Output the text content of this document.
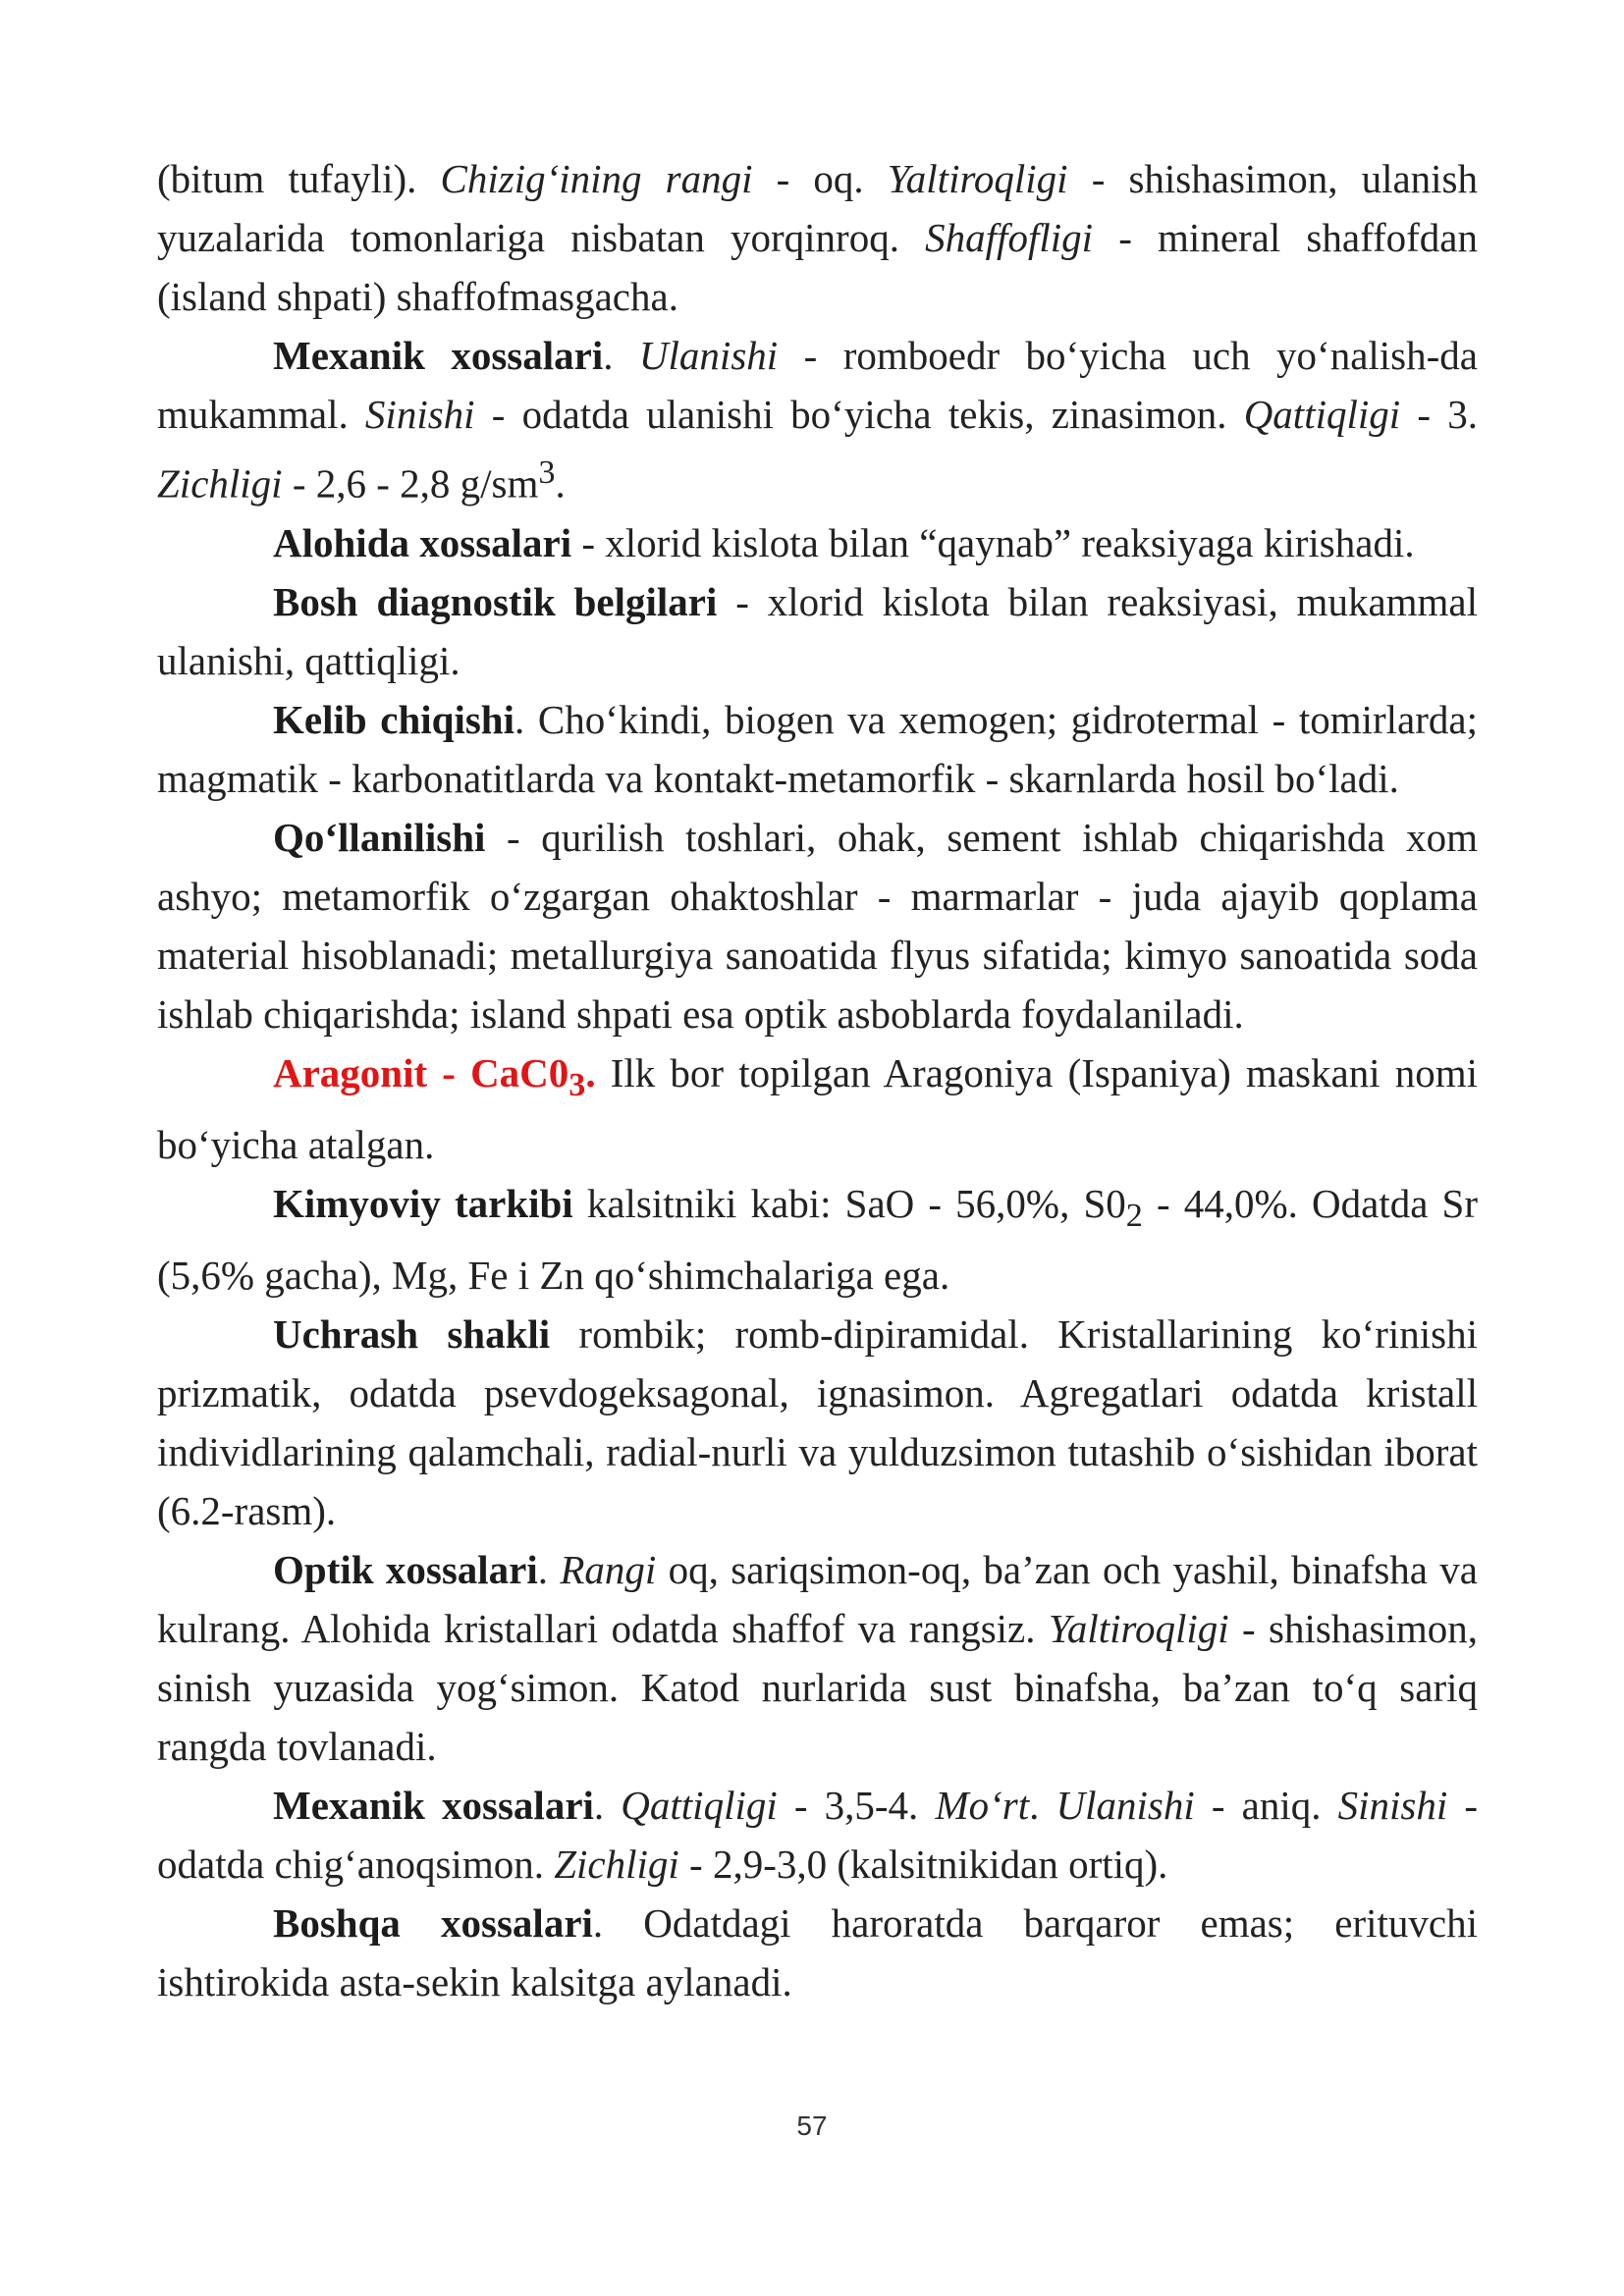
(bitum tufayli). Chizig‘ining rangi - oq. Yaltiroqligi - shishasimon, ulanish yuzalarida tomonlariga nisbatan yorqinroq. Shaffofligi - mineral shaffofdan (island shpati) shaffofmasgacha.

Mexanik xossalari. Ulanishi - romboedr bo‘yicha uch yo‘nalish-da mukammal. Sinishi - odatda ulanishi bo‘yicha tekis, zinasimon. Qattiqligi - 3. Zichligi - 2,6 - 2,8 $g/sm^3$.

Alohida xossalari - xlorid kislota bilan “qaynab” reaksiyaga kirishadi.

Bosh diagnostik belgilari - xlorid kislota bilan reaksiyasi, mukammal ulanishi, qattiqligi.

Kelib chiqishi. Cho‘kindi, biogen va xemogen; gidrotermal - tomirlarda; magmatik - karbonatitlarda va kontakt-metamorfik - skarnlarda hosil bo‘ladi.

Qo‘llanilishi - qurilish toshlari, ohak, sement ishlab chiqarishda xom ashyo; metamorfik o‘zgargan ohaktoshlar - marmarlar - juda ajayib qoplama material hisoblanadi; metallurgiya sanoatida flyus sifatida; kimyo sanoatida soda ishlab chiqarishda; island shpati esa optik asboblarda foydalaniladi.

Aragonit - $CaC0_3$. Ilk bor topilgan Aragoniya (Ispaniya) maskani nomi bo‘yicha atalgan.

Kimyoviy tarkibi kalsitniki kabi: SaO - 56,0%, $S0_2 - 44,0\%$. Odatda Sr (5,6% gacha), Mg, Fe i Zn qo‘shimchalariga ega.

Uchrash shakli rombik; romb-dipiramidal. Kristallarining ko‘rinishi prizmatik, odatda psevdogeksagonal, ignasimon. Agregatlari odatda kristall individlarining qalamchali, radial-nurli va yulduzsimon tutashib o‘sishidan iborat (6.2-rasm).

Optik xossalari. Rangi oq, sariqsimon-oq, ba’zan och yashil, binafsha va kulrang. Alohida kristallari odatda shaffof va rangsiz. Yaltiroqligi - shishasimon, sinish yuzasida yog‘simon. Katod nurlarida sust binafsha, ba’zan to‘q sariq rangda tovlanadi.

Mexanik xossalari. Qattiqligi - 3,5-4. Mo‘rt. Ulanishi - aniq. Sinishi - odatda chig‘anoqsimon. Zichligi - 2,9-3,0 (kalsitnikidan ortiq).

Boshqa xossalari. Odatdagi haroratda barqaror emas; erituvchi ishtirokida asta-sekin kalsitga aylanadi.

57
